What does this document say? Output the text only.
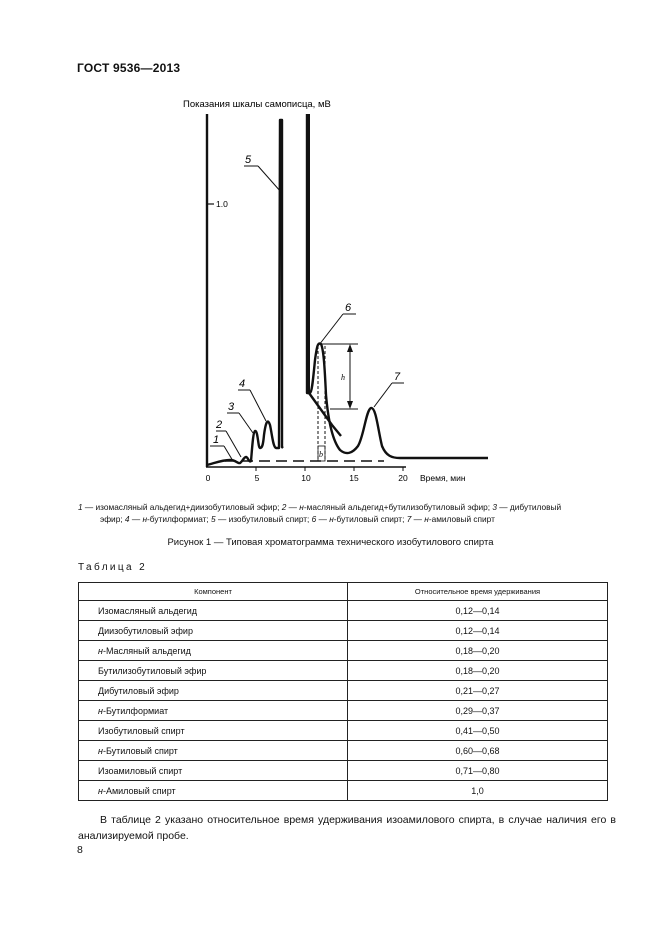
ГОСТ 9536—2013
Показания шкалы самописца, мВ
1.0
0	5	10	15	20 Время, мин
h
b
1
2
3
4
5
6
7

1 — изомасляный альдегид+диизобутиловый эфир; 2 — н-масляный альдегид+бутилизобутиловый эфир; 3 — дибутиловый

эфир; 4 — н-бутилформиат; 5 — изобутиловый спирт; 6 — н-бутиловый спирт; 7 — н-амиловый спирт

Рисунок 1 — Типовая хроматограмма технического изобутилового спирта
Таблица 2
Компонент	Относительное время удерживания
Изомасляный альдегид	0,12—0,14
Диизобутиловый эфир	0,12—0,14
н-Масляный альдегид	0,18—0,20
Бутилизобутиловый эфир	0,18—0,20
Дибутиловый эфир	0,21—0,27
н-Бутилформиат	0,29—0,37
Изобутиловый спирт	0,41—0,50
н-Бутиловый спирт	0,60—0,68
Изоамиловый спирт	0,71—0,80
н-Амиловый спирт	1,0
В таблице 2 указано относительное время удерживания изоамилового спирта, в случае наличия его в анализируемой пробе.
8
